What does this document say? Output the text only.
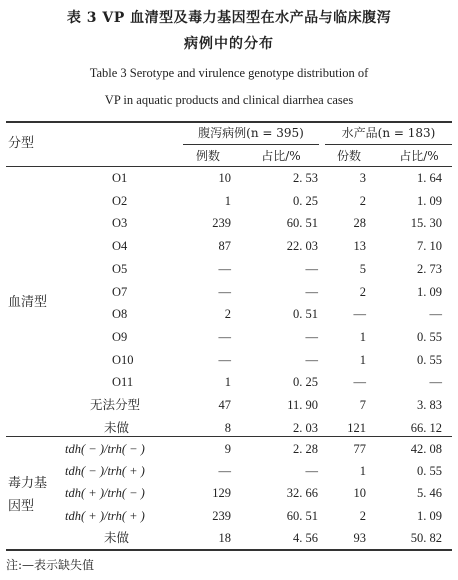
表 3 VP 血清型及毒力基因型在水产品与临床腹泻
病例中的分布
Table 3 Serotype and virulence genotype distribution of
VP in aquatic products and clinical diarrhea cases
分型
腹泻病例(n = 395)	水产品(n = 183)
例数	占比/%	份数	占比/%
血清型
毒力基
因型
O1	10	2. 53	3	1. 64
O2	1	0. 25	2	1. 09
O3	239	60. 51	28	15. 30
O4	87	22. 03	13	7. 10
O5	—	—	5	2. 73
O7	—	—	2	1. 09
O8	2	0. 51	—	—
O9	—	—	1	0. 55
O10	—	—	1	0. 55
O11	1	0. 25	—	—
无法分型	47	11. 90	7	3. 83
未做	8	2. 03	121	66. 12
tdh( − )/trh( − )	9	2. 28	77	42. 08
tdh( − )/trh( + )	—	—	1	0. 55
tdh( + )/trh( − )	129	32. 66	10	5. 46
tdh( + )/trh( + )	239	60. 51	2	1. 09
未做	18	4. 56	93	50. 82
注:—表示缺失值
